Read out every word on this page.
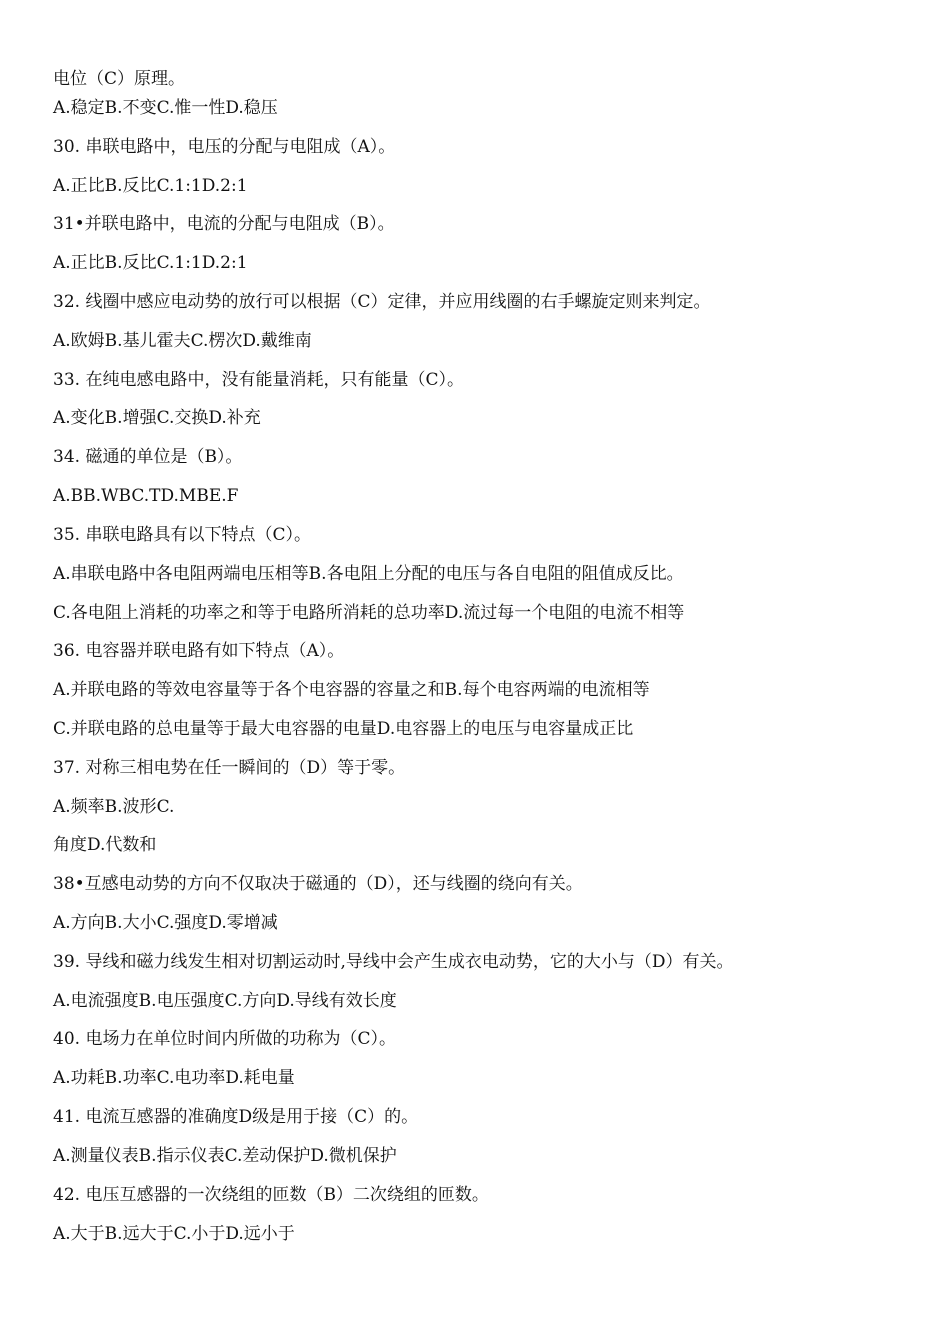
电位（C）原理。

A.稳定B.不变C.惟一性D.稳压

30. 串联电路中，电压的分配与电阻成（A）。

A.正比B.反比C.1:1D.2:1

31•并联电路中，电流的分配与电阻成（B）。

A.正比B.反比C.1:1D.2:1

32. 线圈中感应电动势的放行可以根据（C）定律，并应用线圈的右手螺旋定则来判定。

A.欧姆B.基儿霍夫C.楞次D.戴维南

33. 在纯电感电路中，没有能量消耗，只有能量（C）。

A.变化B.增强C.交换D.补充

34. 磁通的单位是（B）。

A.BB.WBC.TD.MBE.F

35. 串联电路具有以下特点（C）。

A.串联电路中各电阻两端电压相等B.各电阻上分配的电压与各自电阻的阻值成反比。

C.各电阻上消耗的功率之和等于电路所消耗的总功率D.流过每一个电阻的电流不相等

36. 电容器并联电路有如下特点（A）。

A.并联电路的等效电容量等于各个电容器的容量之和B.每个电容两端的电流相等

C.并联电路的总电量等于最大电容器的电量D.电容器上的电压与电容量成正比

37. 对称三相电势在任一瞬间的（D）等于零。

A.频率B.波形C.

角度D.代数和

38•互感电动势的方向不仅取决于磁通的（D），还与线圈的绕向有关。

A.方向B.大小C.强度D.零增减

39. 导线和磁力线发生相对切割运动时,导线中会产生成衣电动势，它的大小与（D）有关。

A.电流强度B.电压强度C.方向D.导线有效长度

40. 电场力在单位时间内所做的功称为（C）。

A.功耗B.功率C.电功率D.耗电量

41. 电流互感器的准确度D级是用于接（C）的。

A.测量仪表B.指示仪表C.差动保护D.微机保护

42. 电压互感器的一次绕组的匝数（B）二次绕组的匝数。

A.大于B.远大于C.小于D.远小于
